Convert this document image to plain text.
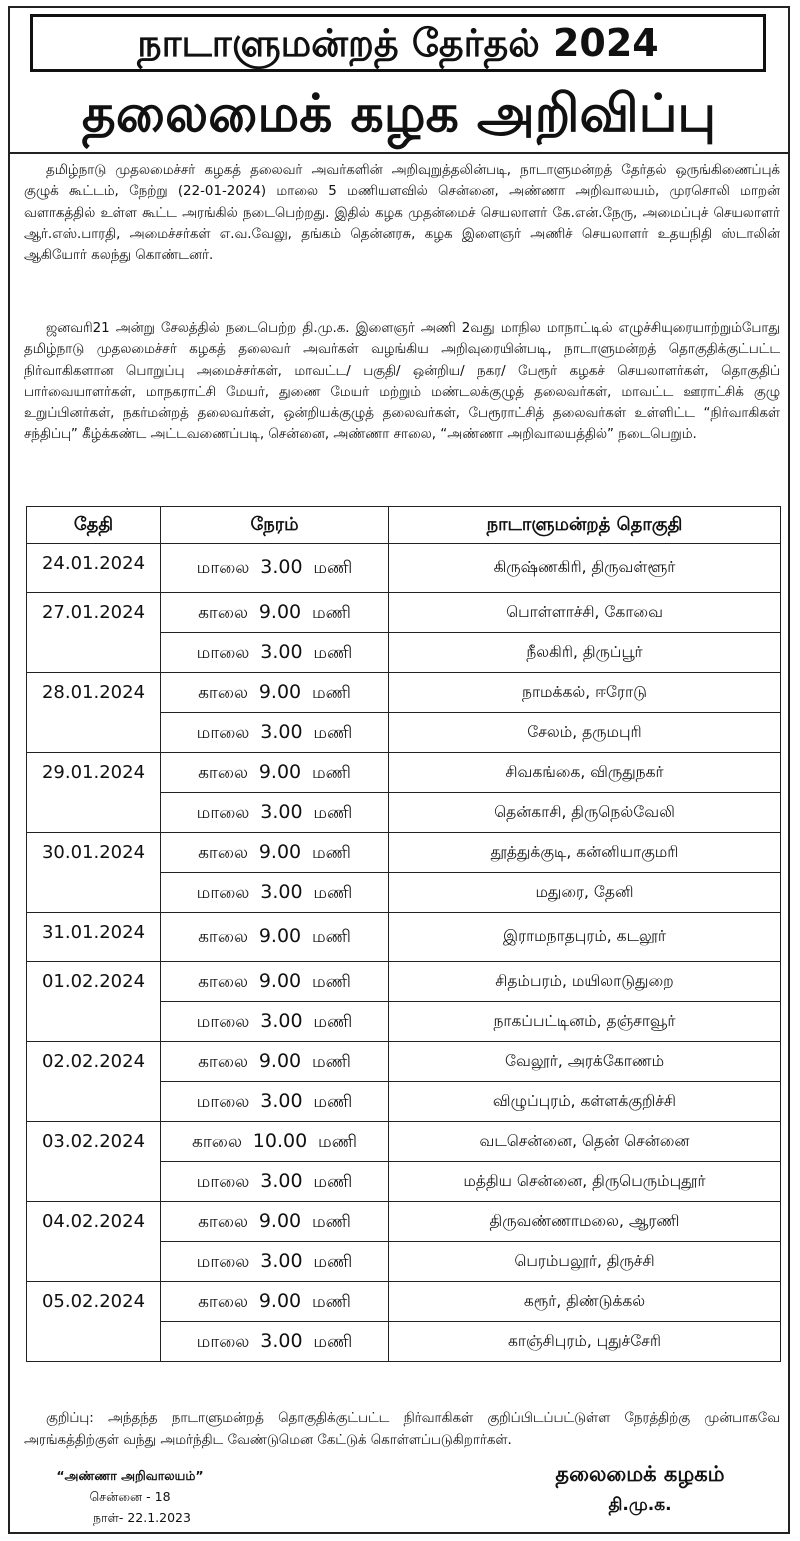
நாடாளுமன்றத் தேர்தல் 2024
தலைமைக் கழக அறிவிப்பு
தமிழ்நாடு முதலமைச்சர் கழகத் தலைவர் அவர்களின் அறிவுறுத்தலின்படி, நாடாளுமன்றத் தேர்தல் ஒருங்கிணைப்புக் குழுக் கூட்டம், நேற்று (22-01-2024) மாலை 5 மணியளவில் சென்னை, அண்ணா அறிவாலயம், முரசொலி மாறன் வளாகத்தில் உள்ள கூட்ட அரங்கில் நடைபெற்றது. இதில் கழக முதன்மைச் செயலாளர் கே.என்.நேரு, அமைப்புச் செயலாளர் ஆர்.எஸ்.பாரதி, அமைச்சர்கள் எ.வ.வேலு, தங்கம் தென்னரசு, கழக இளைஞர் அணிச் செயலாளர் உதயநிதி ஸ்டாலின் ஆகியோர் கலந்து கொண்டனர்.
ஜனவரி21 அன்று சேலத்தில் நடைபெற்ற தி.மு.க. இளைஞர் அணி 2வது மாநில மாநாட்டில் எழுச்சியுரையாற்றும்போது தமிழ்நாடு முதலமைச்சர் கழகத் தலைவர் அவர்கள் வழங்கிய அறிவுரையின்படி, நாடாளுமன்றத் தொகுதிக்குட்பட்ட நிர்வாகிகளான பொறுப்பு அமைச்சர்கள், மாவட்ட/ பகுதி/ ஒன்றிய/ நகர/ பேரூர் கழகச் செயலாளர்கள், தொகுதிப் பார்வையாளர்கள், மாநகராட்சி மேயர், துணை மேயர் மற்றும் மண்டலக்குழுத் தலைவர்கள், மாவட்ட ஊராட்சிக் குழு உறுப்பினர்கள், நகர்மன்றத் தலைவர்கள், ஒன்றியக்குழுத் தலைவர்கள், பேரூராட்சித் தலைவர்கள் உள்ளிட்ட “நிர்வாகிகள் சந்திப்பு” கீழ்க்கண்ட அட்டவணைப்படி, சென்னை, அண்ணா சாலை, “அண்ணா அறிவாலயத்தில்” நடைபெறும்.
தேதி	நேரம்	நாடாளுமன்றத் தொகுதி
24.01.2024	மாலை 3.00 மணி	கிருஷ்ணகிரி, திருவள்ளூர்
27.01.2024	காலை 9.00 மணி	பொள்ளாச்சி, கோவை
	மாலை 3.00 மணி	நீலகிரி, திருப்பூர்
28.01.2024	காலை 9.00 மணி	நாமக்கல், ஈரோடு
	மாலை 3.00 மணி	சேலம், தருமபுரி
29.01.2024	காலை 9.00 மணி	சிவகங்கை, விருதுநகர்
	மாலை 3.00 மணி	தென்காசி, திருநெல்வேலி
30.01.2024	காலை 9.00 மணி	தூத்துக்குடி, கன்னியாகுமரி
	மாலை 3.00 மணி	மதுரை, தேனி
31.01.2024	காலை 9.00 மணி	இராமநாதபுரம், கடலூர்
01.02.2024	காலை 9.00 மணி	சிதம்பரம், மயிலாடுதுறை
	மாலை 3.00 மணி	நாகப்பட்டினம், தஞ்சாவூர்
02.02.2024	காலை 9.00 மணி	வேலூர், அரக்கோணம்
	மாலை 3.00 மணி	விழுப்புரம், கள்ளக்குறிச்சி
03.02.2024	காலை 10.00 மணி	வடசென்னை, தென் சென்னை
	மாலை 3.00 மணி	மத்திய சென்னை, திருபெரும்புதூர்
04.02.2024	காலை 9.00 மணி	திருவண்ணாமலை, ஆரணி
	மாலை 3.00 மணி	பெரம்பலூர், திருச்சி
05.02.2024	காலை 9.00 மணி	கரூர், திண்டுக்கல்
	மாலை 3.00 மணி	காஞ்சிபுரம், புதுச்சேரி
குறிப்பு: அந்தந்த நாடாளுமன்றத் தொகுதிக்குட்பட்ட நிர்வாகிகள் குறிப்பிடப்பட்டுள்ள நேரத்திற்கு முன்பாகவே அரங்கத்திற்குள் வந்து அமர்ந்திட வேண்டுமென கேட்டுக் கொள்ளப்படுகிறார்கள்.
“அண்ணா அறிவாலயம்”
சென்னை - 18
நாள்- 22.1.2023
தலைமைக் கழகம்
தி.மு.க.
